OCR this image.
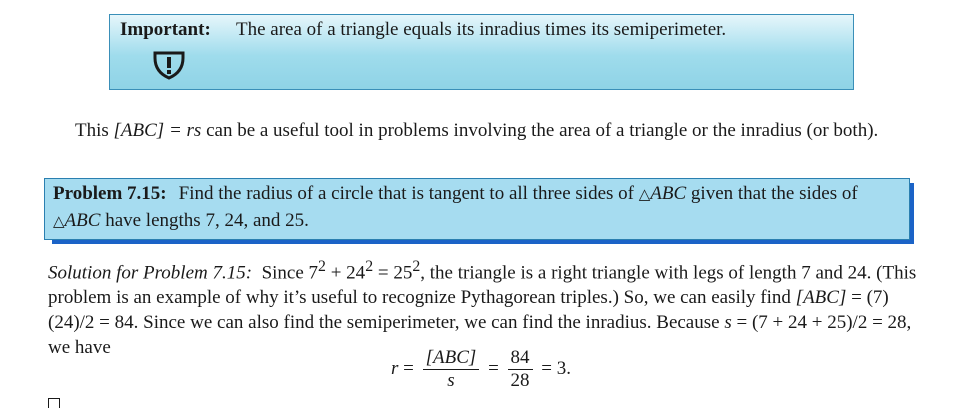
Important: The area of a triangle equals its inradius times its semiperimeter.
This [ABC] = rs can be a useful tool in problems involving the area of a triangle or the inradius (or both).
Problem 7.15: Find the radius of a circle that is tangent to all three sides of △ABC given that the sides of △ABC have lengths 7, 24, and 25.
Solution for Problem 7.15: Since $7^2 + 24^2 = 25^2$, the triangle is a right triangle with legs of length 7 and 24. (This problem is an example of why it’s useful to recognize Pythagorean triples.) So, we can easily find [ABC] = (7)(24)/2 = 84. Since we can also find the semiperimeter, we can find the inradius. Because s = (7 + 24 + 25)/2 = 28, we have
$r = \frac{\text{[ABC]}}{s} = \frac{84}{28} = 3$.
